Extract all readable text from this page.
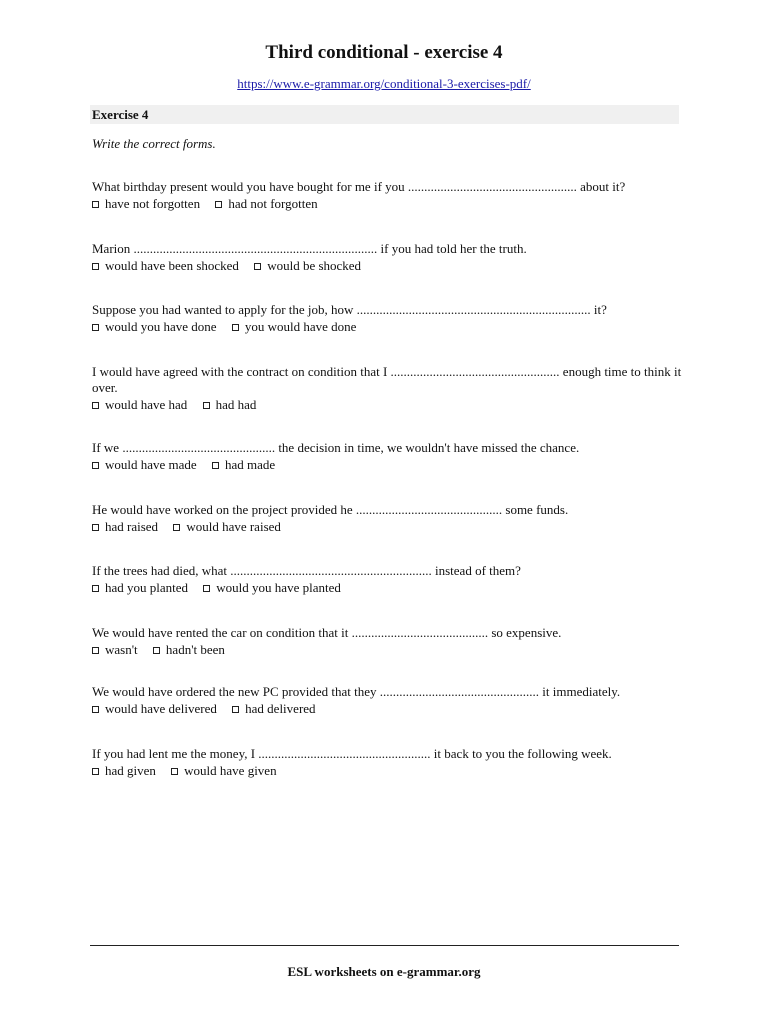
Third conditional - exercise 4
https://www.e-grammar.org/conditional-3-exercises-pdf/
Exercise 4
Write the correct forms.
What birthday present would you have bought for me if you .................................................... about it?
have not forgotten
had not forgotten
Marion ........................................................................... if you had told her the truth.
would have been shocked
would be shocked
Suppose you had wanted to apply for the job, how ........................................................................ it?
would you have done
you would have done
I would have agreed with the contract on condition that I .................................................... enough time to think it over.
would have had
had had
If we ............................................... the decision in time, we wouldn't have missed the chance.
would have made
had made
He would have worked on the project provided he ............................................. some funds.
had raised
would have raised
If the trees had died, what .............................................................. instead of them?
had you planted
would you have planted
We would have rented the car on condition that it .......................................... so expensive.
wasn't
hadn't been
We would have ordered the new PC provided that they ................................................. it immediately.
would have delivered
had delivered
If you had lent me the money, I ..................................................... it back to you the following week.
had given
would have given
ESL worksheets on e-grammar.org
